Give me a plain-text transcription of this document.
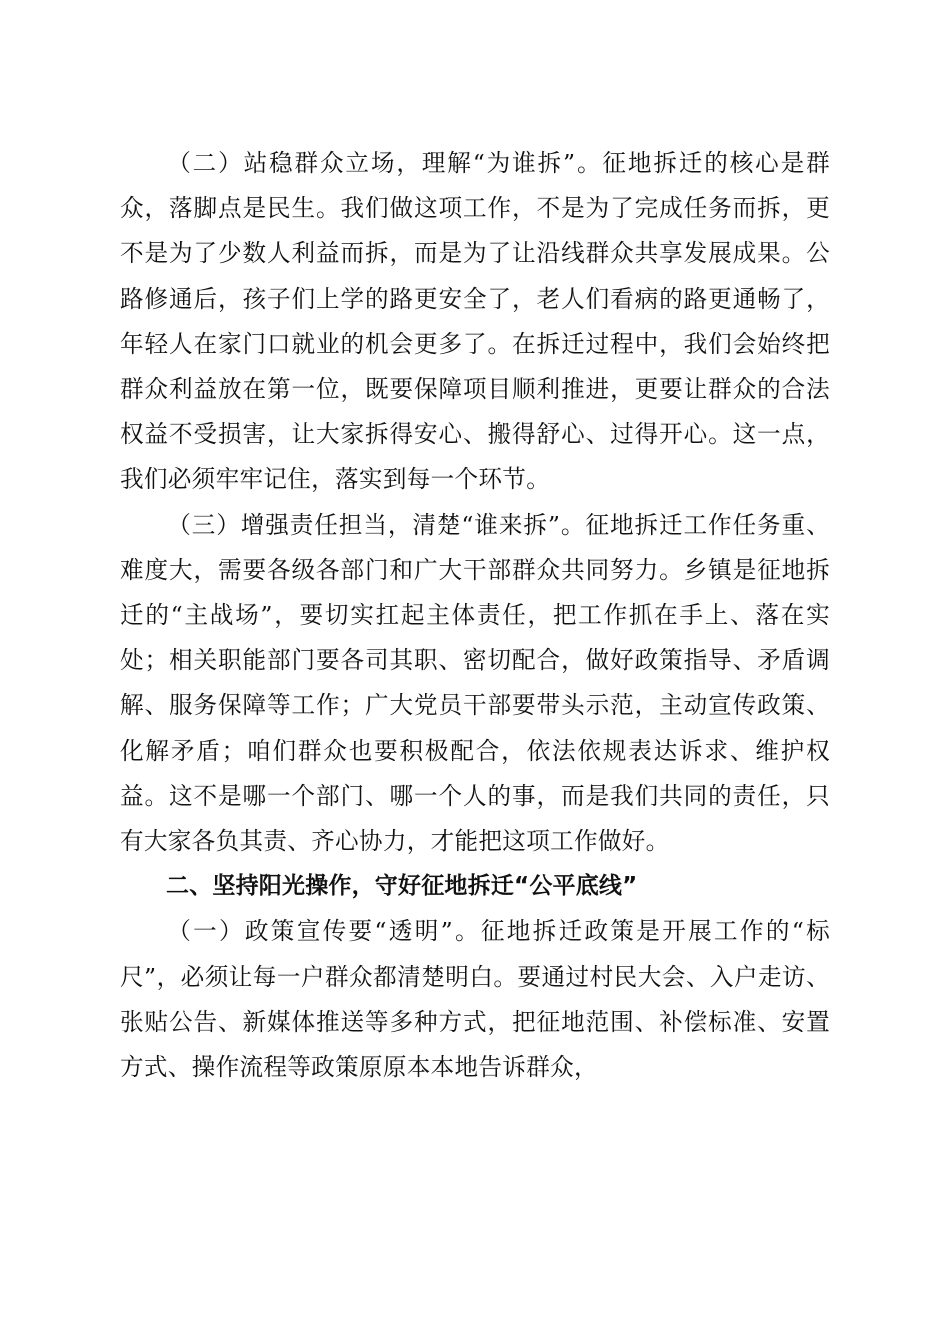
（二）站稳群众立场，理解“为谁拆”。征地拆迁的核心是群众，落脚点是民生。我们做这项工作，不是为了完成任务而拆，更不是为了少数人利益而拆，而是为了让沿线群众共享发展成果。公路修通后，孩子们上学的路更安全了，老人们看病的路更通畅了，年轻人在家门口就业的机会更多了。在拆迁过程中，我们会始终把群众利益放在第一位，既要保障项目顺利推进，更要让群众的合法权益不受损害，让大家拆得安心、搬得舒心、过得开心。这一点，我们必须牢牢记住，落实到每一个环节。

（三）增强责任担当，清楚“谁来拆”。征地拆迁工作任务重、难度大，需要各级各部门和广大干部群众共同努力。乡镇是征地拆迁的“主战场”，要切实扛起主体责任，把工作抓在手上、落在实处；相关职能部门要各司其职、密切配合，做好政策指导、矛盾调解、服务保障等工作；广大党员干部要带头示范，主动宣传政策、化解矛盾；咱们群众也要积极配合，依法依规表达诉求、维护权益。这不是哪一个部门、哪一个人的事，而是我们共同的责任，只有大家各负其责、齐心协力，才能把这项工作做好。

二、坚持阳光操作，守好征地拆迁“公平底线”

（一）政策宣传要“透明”。征地拆迁政策是开展工作的“标尺”，必须让每一户群众都清楚明白。要通过村民大会、入户走访、张贴公告、新媒体推送等多种方式，把征地范围、补偿标准、安置方式、操作流程等政策原原本本地告诉群众，
